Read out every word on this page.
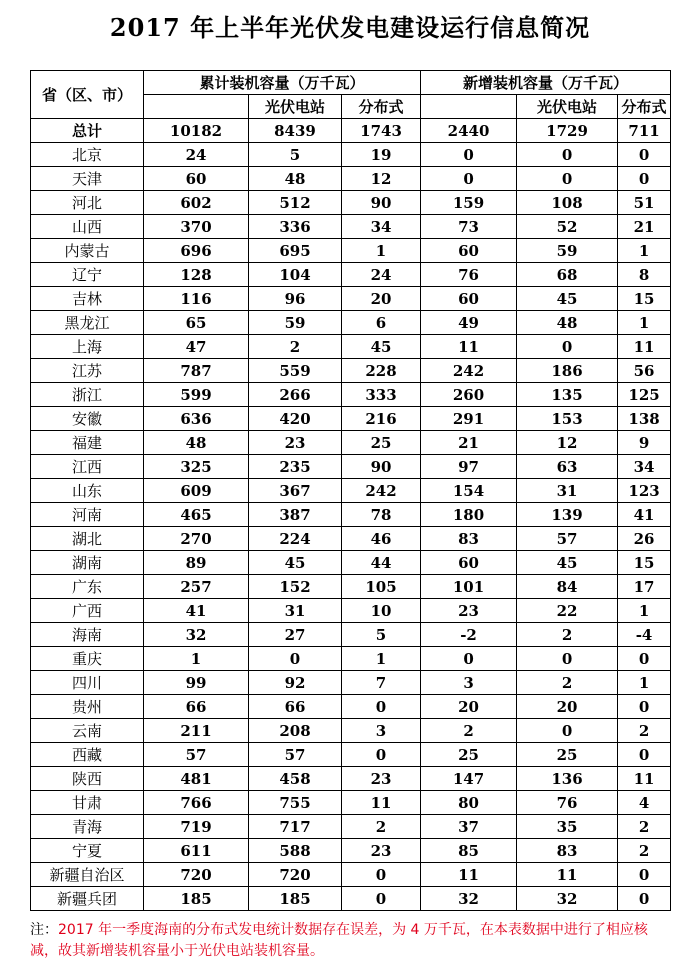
2017 年上半年光伏发电建设运行信息简况
省（区、市）	累计装机容量（万千瓦）			新增装机容量（万千瓦）		
		光伏电站	分布式		光伏电站	分布式
总计	10182	8439	1743	2440	1729	711
北京	24	5	19	0	0	0
天津	60	48	12	0	0	0
河北	602	512	90	159	108	51
山西	370	336	34	73	52	21
内蒙古	696	695	1	60	59	1
辽宁	128	104	24	76	68	8
吉林	116	96	20	60	45	15
黑龙江	65	59	6	49	48	1
上海	47	2	45	11	0	11
江苏	787	559	228	242	186	56
浙江	599	266	333	260	135	125
安徽	636	420	216	291	153	138
福建	48	23	25	21	12	9
江西	325	235	90	97	63	34
山东	609	367	242	154	31	123
河南	465	387	78	180	139	41
湖北	270	224	46	83	57	26
湖南	89	45	44	60	45	15
广东	257	152	105	101	84	17
广西	41	31	10	23	22	1
海南	32	27	5	-2	2	-4
重庆	1	0	1	0	0	0
四川	99	92	7	3	2	1
贵州	66	66	0	20	20	0
云南	211	208	3	2	0	2
西藏	57	57	0	25	25	0
陕西	481	458	23	147	136	11
甘肃	766	755	11	80	76	4
青海	719	717	2	37	35	2
宁夏	611	588	23	85	83	2
新疆自治区	720	720	0	11	11	0
新疆兵团	185	185	0	32	32	0
注：2017 年一季度海南的分布式发电统计数据存在误差，为 4 万千瓦，在本表数据中进行了相应核减，故其新增装机容量小于光伏电站装机容量。
